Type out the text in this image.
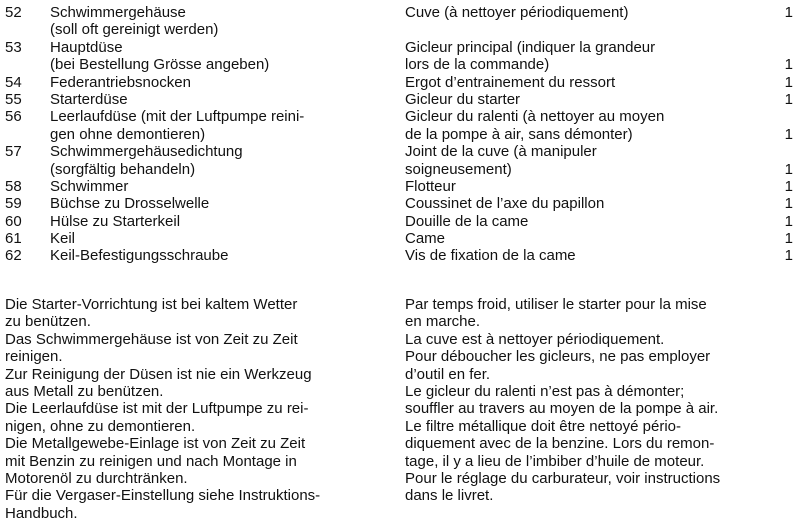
52 Schwimmergehäuse	Cuve (à nettoyer périodiquement)	1
(soll oft gereinigt werden)
53 Hauptdüse	Gicleur principal (indiquer la grandeur
(bei Bestellung Grösse angeben)	lors de la commande)	1
54 Federantriebsnocken	Ergot d’entrainement du ressort	1
55 Starterdüse	Gicleur du starter	1
56 Leerlaufdüse (mit der Luftpumpe reini-	Gicleur du ralenti (à nettoyer au moyen
gen ohne demontieren)	de la pompe à air, sans démonter)	1
57 Schwimmergehäusedichtung	Joint de la cuve (à manipuler
(sorgfältig behandeln)	soigneusement)	1
58 Schwimmer	Flotteur	1
59 Büchse zu Drosselwelle	Coussinet de l’axe du papillon	1
60 Hülse zu Starterkeil	Douille de la came	1
61 Keil	Came	1
62 Keil-Befestigungsschraube	Vis de fixation de la came	1
Die Starter-Vorrichtung ist bei kaltem Wetter
zu benützen.
Das Schwimmergehäuse ist von Zeit zu Zeit
reinigen.
Zur Reinigung der Düsen ist nie ein Werkzeug
aus Metall zu benützen.
Die Leerlaufdüse ist mit der Luftpumpe zu rei-
nigen, ohne zu demontieren.
Die Metallgewebe-Einlage ist von Zeit zu Zeit
mit Benzin zu reinigen und nach Montage in
Motorenöl zu durchtränken.
Für die Vergaser-Einstellung siehe Instruktions-
Handbuch.
Par temps froid, utiliser le starter pour la mise
en marche.
La cuve est à nettoyer périodiquement.
Pour déboucher les gicleurs, ne pas employer
d’outil en fer.
Le gicleur du ralenti n’est pas à démonter;
souffler au travers au moyen de la pompe à air.
Le filtre métallique doit être nettoyé pério-
diquement avec de la benzine. Lors du remon-
tage, il y a lieu de l’imbiber d’huile de moteur.
Pour le réglage du carburateur, voir instructions
dans le livret.
